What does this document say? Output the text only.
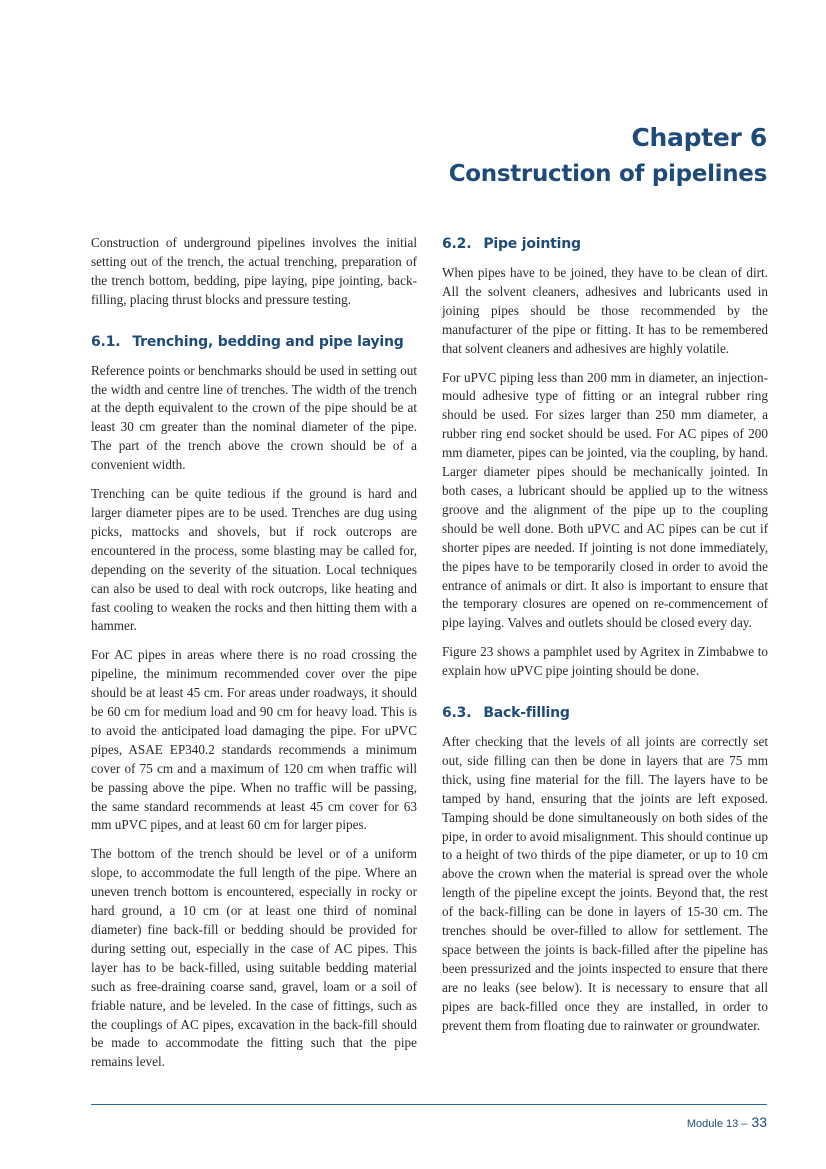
Chapter 6
Construction of pipelines

Construction of underground pipelines involves the initial setting out of the trench, the actual trenching, preparation of the trench bottom, bedding, pipe laying, pipe jointing, back-filling, placing thrust blocks and pressure testing.

6.1. Trenching, bedding and pipe laying

Reference points or benchmarks should be used in setting out the width and centre line of trenches. The width of the trench at the depth equivalent to the crown of the pipe should be at least 30 cm greater than the nominal diameter of the pipe. The part of the trench above the crown should be of a convenient width.

Trenching can be quite tedious if the ground is hard and larger diameter pipes are to be used. Trenches are dug using picks, mattocks and shovels, but if rock outcrops are encountered in the process, some blasting may be called for, depending on the severity of the situation. Local techniques can also be used to deal with rock outcrops, like heating and fast cooling to weaken the rocks and then hitting them with a hammer.

For AC pipes in areas where there is no road crossing the pipeline, the minimum recommended cover over the pipe should be at least 45 cm. For areas under roadways, it should be 60 cm for medium load and 90 cm for heavy load. This is to avoid the anticipated load damaging the pipe. For uPVC pipes, ASAE EP340.2 standards recommends a minimum cover of 75 cm and a maximum of 120 cm when traffic will be passing above the pipe. When no traffic will be passing, the same standard recommends at least 45 cm cover for 63 mm uPVC pipes, and at least 60 cm for larger pipes.

The bottom of the trench should be level or of a uniform slope, to accommodate the full length of the pipe. Where an uneven trench bottom is encountered, especially in rocky or hard ground, a 10 cm (or at least one third of nominal diameter) fine back-fill or bedding should be provided for during setting out, especially in the case of AC pipes. This layer has to be back-filled, using suitable bedding material such as free-draining coarse sand, gravel, loam or a soil of friable nature, and be leveled. In the case of fittings, such as the couplings of AC pipes, excavation in the back-fill should be made to accommodate the fitting such that the pipe remains level.

6.2. Pipe jointing

When pipes have to be joined, they have to be clean of dirt. All the solvent cleaners, adhesives and lubricants used in joining pipes should be those recommended by the manufacturer of the pipe or fitting. It has to be remembered that solvent cleaners and adhesives are highly volatile.

For uPVC piping less than 200 mm in diameter, an injection-mould adhesive type of fitting or an integral rubber ring should be used. For sizes larger than 250 mm diameter, a rubber ring end socket should be used. For AC pipes of 200 mm diameter, pipes can be jointed, via the coupling, by hand. Larger diameter pipes should be mechanically jointed. In both cases, a lubricant should be applied up to the witness groove and the alignment of the pipe up to the coupling should be well done. Both uPVC and AC pipes can be cut if shorter pipes are needed. If jointing is not done immediately, the pipes have to be temporarily closed in order to avoid the entrance of animals or dirt. It also is important to ensure that the temporary closures are opened on re-commencement of pipe laying. Valves and outlets should be closed every day.

Figure 23 shows a pamphlet used by Agritex in Zimbabwe to explain how uPVC pipe jointing should be done.

6.3. Back-filling

After checking that the levels of all joints are correctly set out, side filling can then be done in layers that are 75 mm thick, using fine material for the fill. The layers have to be tamped by hand, ensuring that the joints are left exposed. Tamping should be done simultaneously on both sides of the pipe, in order to avoid misalignment. This should continue up to a height of two thirds of the pipe diameter, or up to 10 cm above the crown when the material is spread over the whole length of the pipeline except the joints. Beyond that, the rest of the back-filling can be done in layers of 15-30 cm. The trenches should be over-filled to allow for settlement. The space between the joints is back-filled after the pipeline has been pressurized and the joints inspected to ensure that there are no leaks (see below). It is necessary to ensure that all pipes are back-filled once they are installed, in order to prevent them from floating due to rainwater or groundwater.

Module 13 – 33
